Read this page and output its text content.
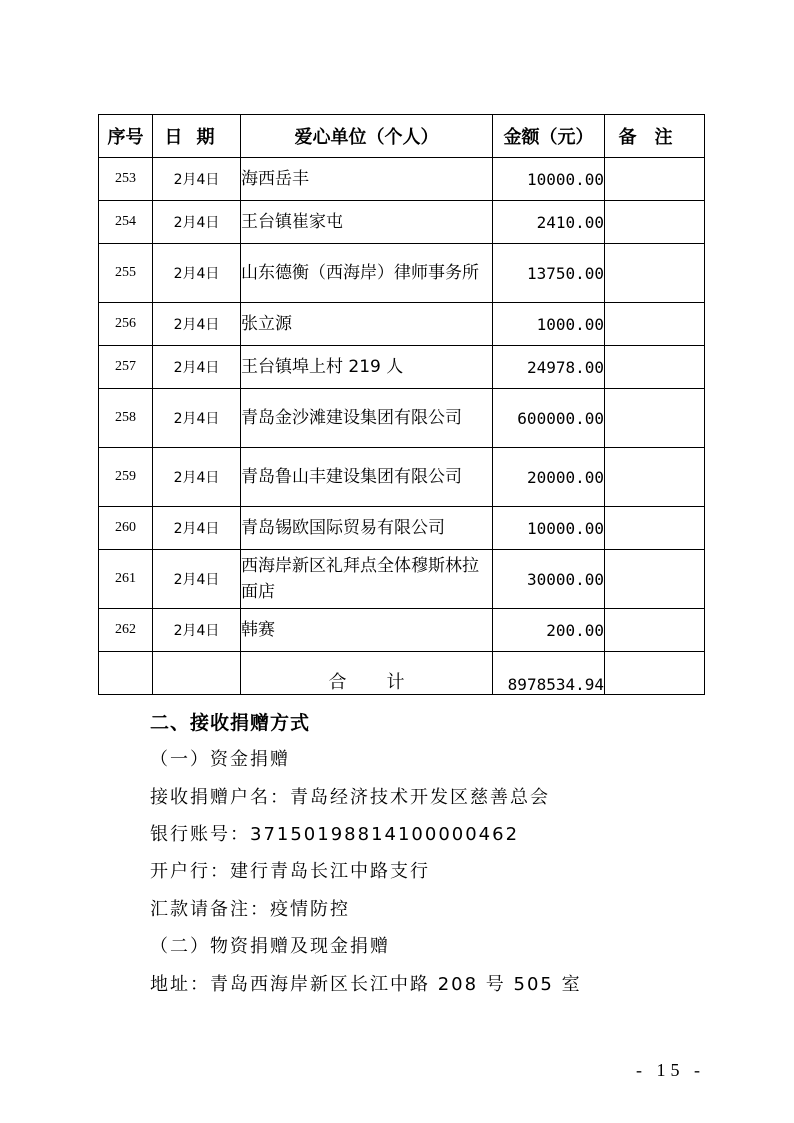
序号	日期	爱心单位（个人）	金额（元）	备注
253	2月4日	海西岳丰	10000.00	
254	2月4日	王台镇崔家屯	2410.00	
255	2月4日	山东德衡（西海岸）律师事务所	13750.00	
256	2月4日	张立源	1000.00	
257	2月4日	王台镇埠上村 219 人	24978.00	
258	2月4日	青岛金沙滩建设集团有限公司	600000.00	
259	2月4日	青岛鲁山丰建设集团有限公司	20000.00	
260	2月4日	青岛锡欧国际贸易有限公司	10000.00	
261	2月4日	西海岸新区礼拜点全体穆斯林拉面店	30000.00	
262	2月4日	韩赛	200.00	
		合计	8978534.94	
二、接收捐赠方式
（一）资金捐赠
接收捐赠户名：青岛经济技术开发区慈善总会
银行账号：37150198814100000462
开户行：建行青岛长江中路支行
汇款请备注：疫情防控
（二）物资捐赠及现金捐赠
地址：青岛西海岸新区长江中路 208 号 505 室
- 15 -
